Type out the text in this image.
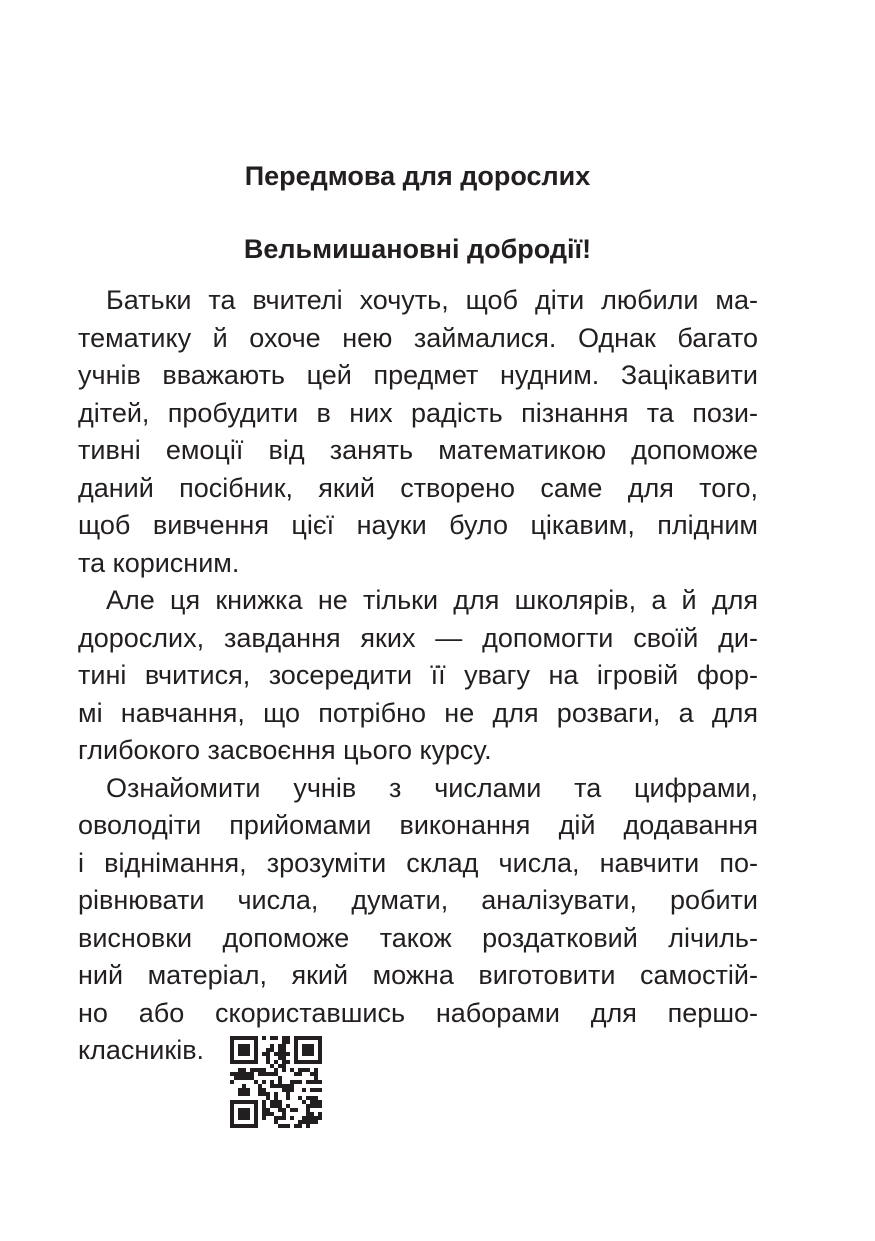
Передмова для дорослих
Вельмишановні добродії!
Батьки та вчителі хочуть, щоб діти любили ма-
тематику й охоче нею займалися. Однак багато
учнів вважають цей предмет нудним. Зацікавити
дітей, пробудити в них радість пізнання та пози-
тивні емоції від занять математикою допоможе
даний посібник, який створено саме для того,
щоб вивчення цієї науки було цікавим, плідним
та корисним.
Але ця книжка не тільки для школярів, а й для
дорослих, завдання яких — допомогти своїй ди-
тині вчитися, зосередити її увагу на ігровій фор-
мі навчання, що потрібно не для розваги, а для
глибокого засвоєння цього курсу.
Ознайомити учнів з числами та цифрами,
оволодіти прийомами виконання дій додавання
і віднімання, зрозуміти склад числа, навчити по-
рівнювати числа, думати, аналізувати, робити
висновки допоможе також роздатковий лічиль-
ний матеріал, який можна виготовити самостій-
но або скориставшись наборами для першо-
класників.
